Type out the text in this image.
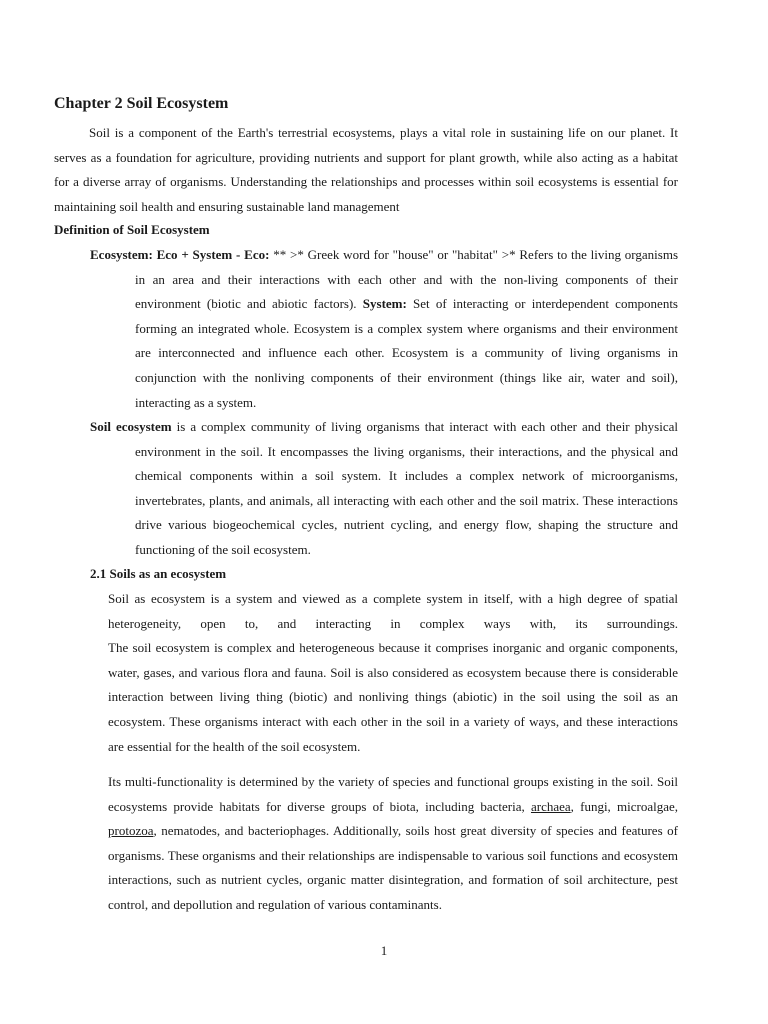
Chapter 2 Soil Ecosystem
Soil is a component of the Earth's terrestrial ecosystems, plays a vital role in sustaining life on our planet. It serves as a foundation for agriculture, providing nutrients and support for plant growth, while also acting as a habitat for a diverse array of organisms. Understanding the relationships and processes within soil ecosystems is essential for maintaining soil health and ensuring sustainable land management
Definition of Soil Ecosystem
Ecosystem: Eco + System - Eco: ** >* Greek word for "house" or "habitat" >* Refers to the living organisms in an area and their interactions with each other and with the non-living components of their environment (biotic and abiotic factors). System: Set of interacting or interdependent components forming an integrated whole. Ecosystem is a complex system where organisms and their environment are interconnected and influence each other. Ecosystem is a community of living organisms in conjunction with the nonliving components of their environment (things like air, water and soil), interacting as a system.
Soil ecosystem is a complex community of living organisms that interact with each other and their physical environment in the soil. It encompasses the living organisms, their interactions, and the physical and chemical components within a soil system. It includes a complex network of microorganisms, invertebrates, plants, and animals, all interacting with each other and the soil matrix. These interactions drive various biogeochemical cycles, nutrient cycling, and energy flow, shaping the structure and functioning of the soil ecosystem.
2.1 Soils as an ecosystem
Soil as ecosystem is a system and viewed as a complete system in itself, with a high degree of spatial heterogeneity, open to, and interacting in complex ways with, its surroundings.
The soil ecosystem is complex and heterogeneous because it comprises inorganic and organic components, water, gases, and various flora and fauna. Soil is also considered as ecosystem because there is considerable interaction between living thing (biotic) and nonliving things (abiotic) in the soil using the soil as an ecosystem. These organisms interact with each other in the soil in a variety of ways, and these interactions are essential for the health of the soil ecosystem.
Its multi-functionality is determined by the variety of species and functional groups existing in the soil. Soil ecosystems provide habitats for diverse groups of biota, including bacteria, archaea, fungi, microalgae, protozoa, nematodes, and bacteriophages. Additionally, soils host great diversity of species and features of organisms. These organisms and their relationships are indispensable to various soil functions and ecosystem interactions, such as nutrient cycles, organic matter disintegration, and formation of soil architecture, pest control, and depollution and regulation of various contaminants.
1
